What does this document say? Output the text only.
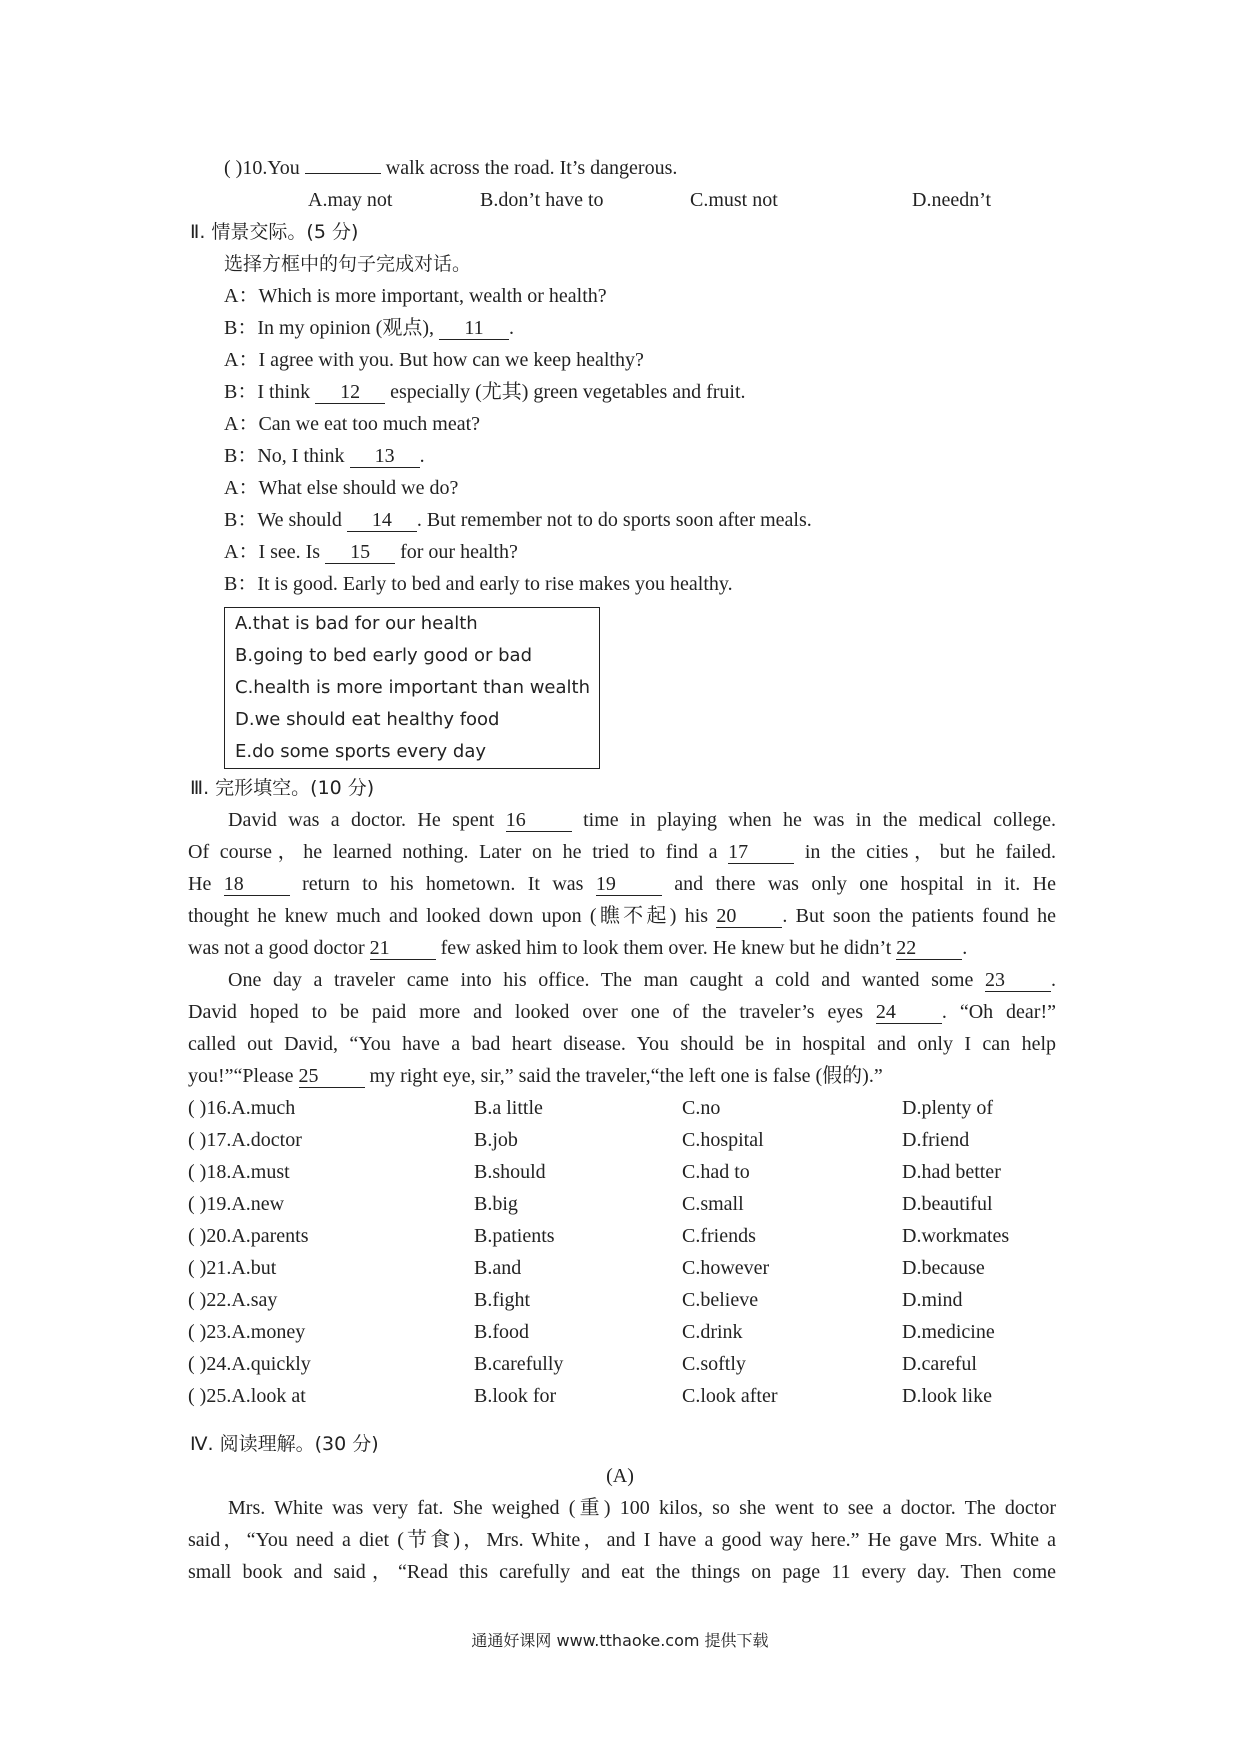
( )10.You	walk across the road. It’s dangerous.
A.may not	B.don’t have to	C.must not	D.needn’t
Ⅱ. 情景交际。(5 分)
选择方框中的句子完成对话。
A：Which is more important, wealth or health?
B：In my opinion (观点), 11 .
A：I agree with you. But how can we keep healthy?
B：I think 12 especially (尤其) green vegetables and fruit.
A：Can we eat too much meat?
B：No, I think 13 .
A：What else should we do?
B：We should 14 . But remember not to do sports soon after meals.
A：I see. Is 15 for our health?
B：It is good. Early to bed and early to rise makes you healthy.
A.that is bad for our health
B.going to bed early good or bad
C.health is more important than wealth
D.we should eat healthy food
E.do some sports every day
Ⅲ. 完形填空。(10 分)
David was a doctor. He spent 16 time in playing when he was in the medical college.
Of course，he learned nothing. Later on he tried to find a 17 in the cities，but he failed.
He 18 return to his hometown. It was 19 and there was only one hospital in it. He
thought he knew much and looked down upon (瞧不起) his 20 . But soon the patients found he
was not a good doctor 21 few asked him to look them over. He knew but he didn’t 22 .
One day a traveler came into his office. The man caught a cold and wanted some 23 .
David hoped to be paid more and looked over one of the traveler’s eyes 24 . “Oh dear!”
called out David, “You have a bad heart disease. You should be in hospital and only I can help
you!”“Please 25 my right eye, sir,” said the traveler,“the left one is false (假的).”
( )16.A.much	B.a little	C.no	D.plenty of
( )17.A.doctor	B.job	C.hospital	D.friend
( )18.A.must	B.should	C.had to	D.had better
( )19.A.new	B.big	C.small	D.beautiful
( )20.A.parents	B.patients	C.friends	D.workmates
( )21.A.but	B.and	C.however	D.because
( )22.A.say	B.fight	C.believe	D.mind
( )23.A.money	B.food	C.drink	D.medicine
( )24.A.quickly	B.carefully	C.softly	D.careful
( )25.A.look at	B.look for	C.look after	D.look like
Ⅳ. 阅读理解。(30 分)
(A)
Mrs. White was very fat. She weighed (重) 100 kilos, so she went to see a doctor. The doctor
said，“You need a diet (节食)，Mrs. White，and I have a good way here.” He gave Mrs. White a
small book and said，“Read this carefully and eat the things on page 11 every day. Then come
通通好课网 www.tthaoke.com 提供下载
